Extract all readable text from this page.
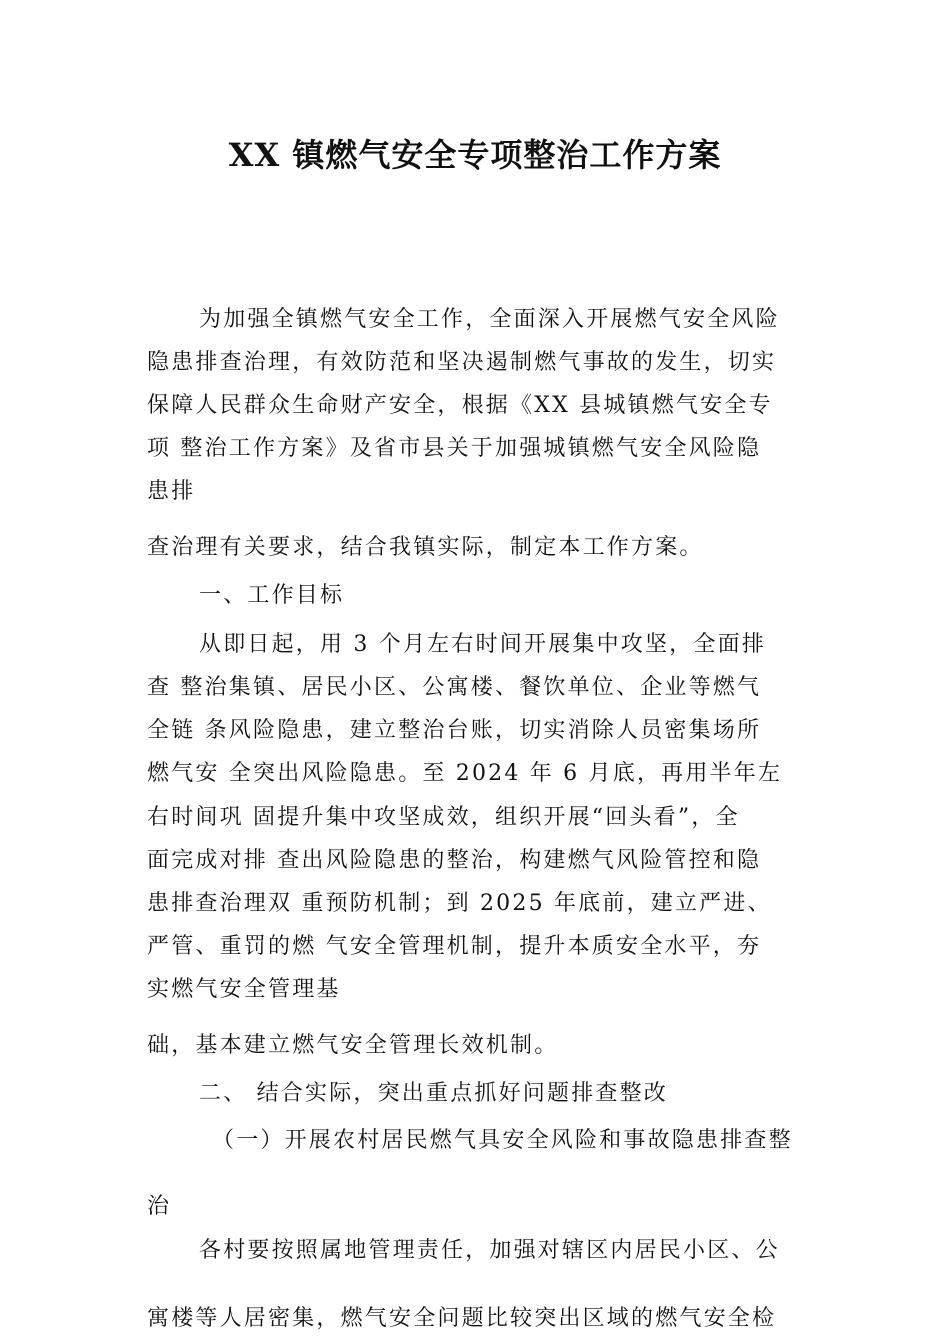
XX 镇燃气安全专项整治工作方案

为加强全镇燃气安全工作，全面深入开展燃气安全风险

隐患排查治理，有效防范和坚决遏制燃气事故的发生，切实

保障人民群众生命财产安全，根据《XX 县城镇燃气安全专

项 整治工作方案》及省市县关于加强城镇燃气安全风险隐

患排

查治理有关要求，结合我镇实际，制定本工作方案。

一、工作目标

从即日起，用 3 个月左右时间开展集中攻坚，全面排

查 整治集镇、居民小区、公寓楼、餐饮单位、企业等燃气

全链 条风险隐患，建立整治台账，切实消除人员密集场所

燃气安 全突出风险隐患。至 2024 年 6 月底，再用半年左

右时间巩 固提升集中攻坚成效，组织开展“回头看”，全

面完成对排 查出风险隐患的整治，构建燃气风险管控和隐

患排查治理双 重预防机制；到 2025 年底前，建立严进、

严管、重罚的燃 气安全管理机制，提升本质安全水平，夯

实燃气安全管理基

础，基本建立燃气安全管理长效机制。

二、 结合实际，突出重点抓好问题排查整改

（一）开展农村居民燃气具安全风险和事故隐患排查整

治

各村要按照属地管理责任，加强对辖区内居民小区、公

寓楼等人居密集，燃气安全问题比较突出区域的燃气安全检
